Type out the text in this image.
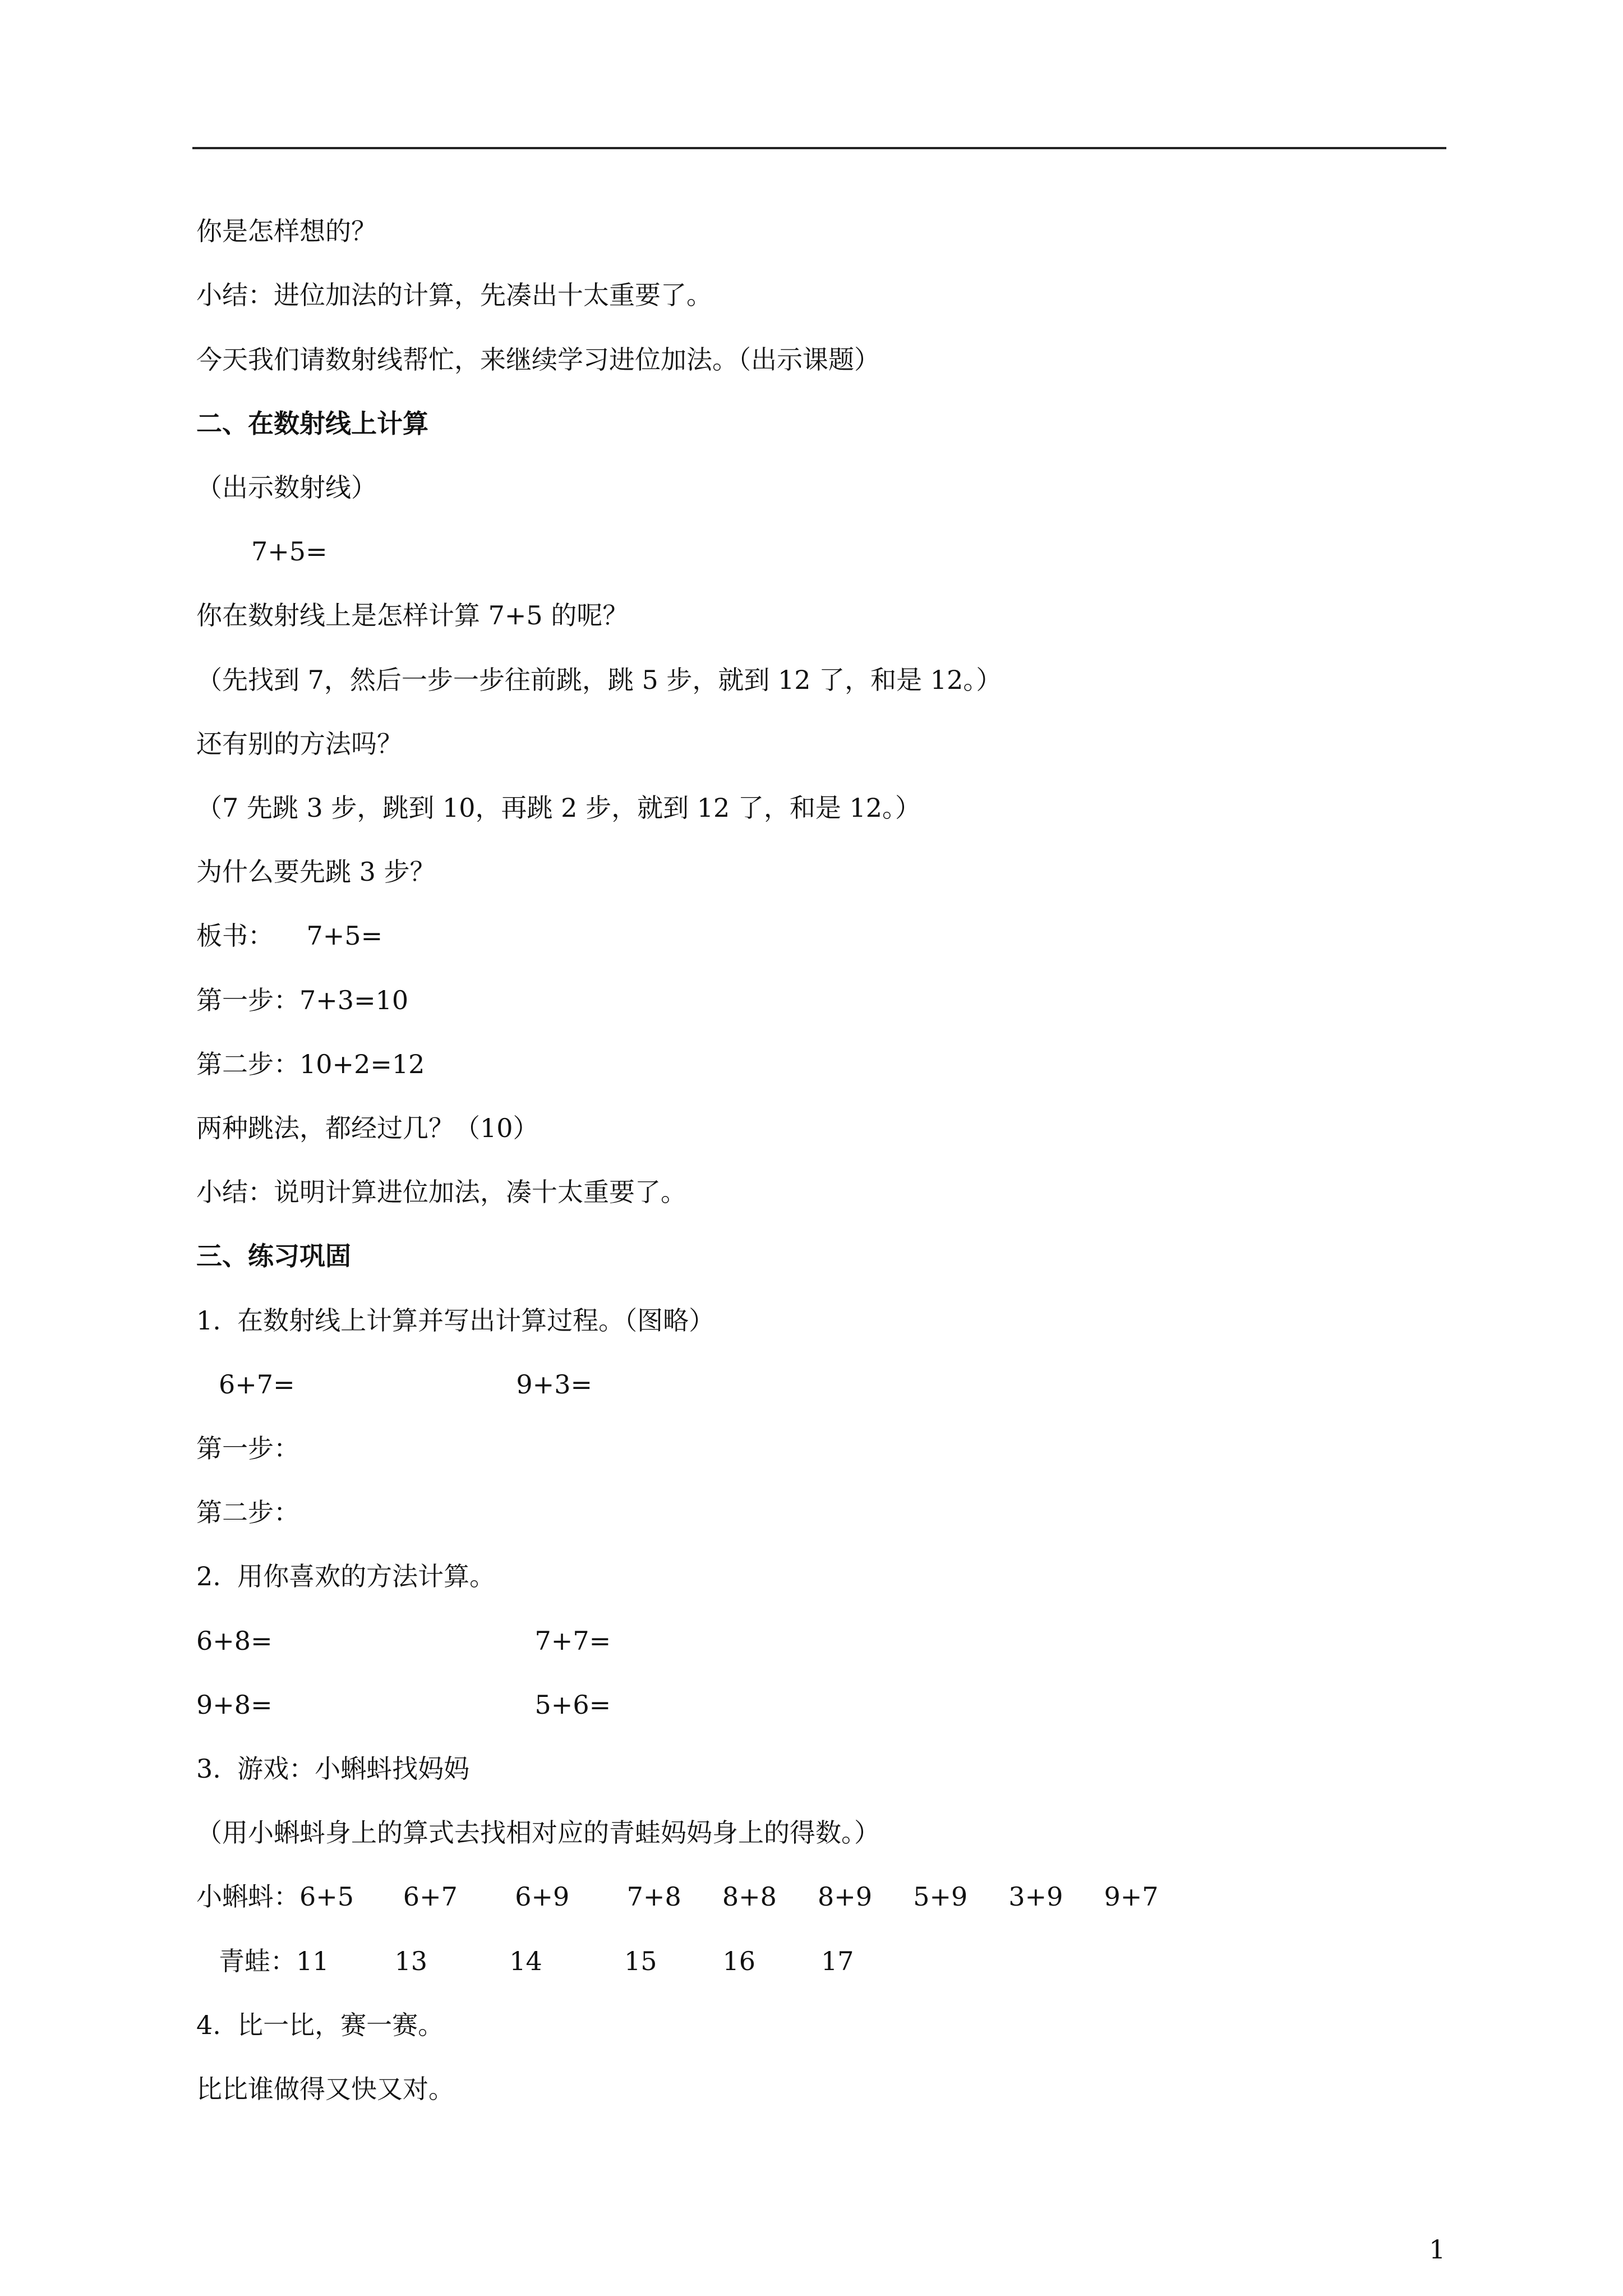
你是怎样想的？
小结：进位加法的计算，先凑出十太重要了。
今天我们请数射线帮忙，来继续学习进位加法。（出示课题）
二、在数射线上计算
（出示数射线）
7+5=
你在数射线上是怎样计算 7+5 的呢？
（先找到 7，然后一步一步往前跳，跳 5 步，就到 12 了，和是 12。）
还有别的方法吗？
（7 先跳 3 步，跳到 10，再跳 2 步，就到 12 了，和是 12。）
为什么要先跳 3 步？
板书：    7+5=
第一步：7+3=10
第二步：10+2=12
两种跳法，都经过几？（10）
小结：说明计算进位加法，凑十太重要了。
三、练习巩固
1.  在数射线上计算并写出计算过程。（图略）
6+7=                           9+3=
第一步：
第二步：
2.  用你喜欢的方法计算。
6+8=                                7+7=
9+8=                                5+6=
3.  游戏：小蝌蚪找妈妈
（用小蝌蚪身上的算式去找相对应的青蛙妈妈身上的得数。）
小蝌蚪：6+5      6+7       6+9       7+8     8+8     8+9     5+9     3+9     9+7
青蛙：11        13          14          15        16        17
4.  比一比，赛一赛。
比比谁做得又快又对。
1
